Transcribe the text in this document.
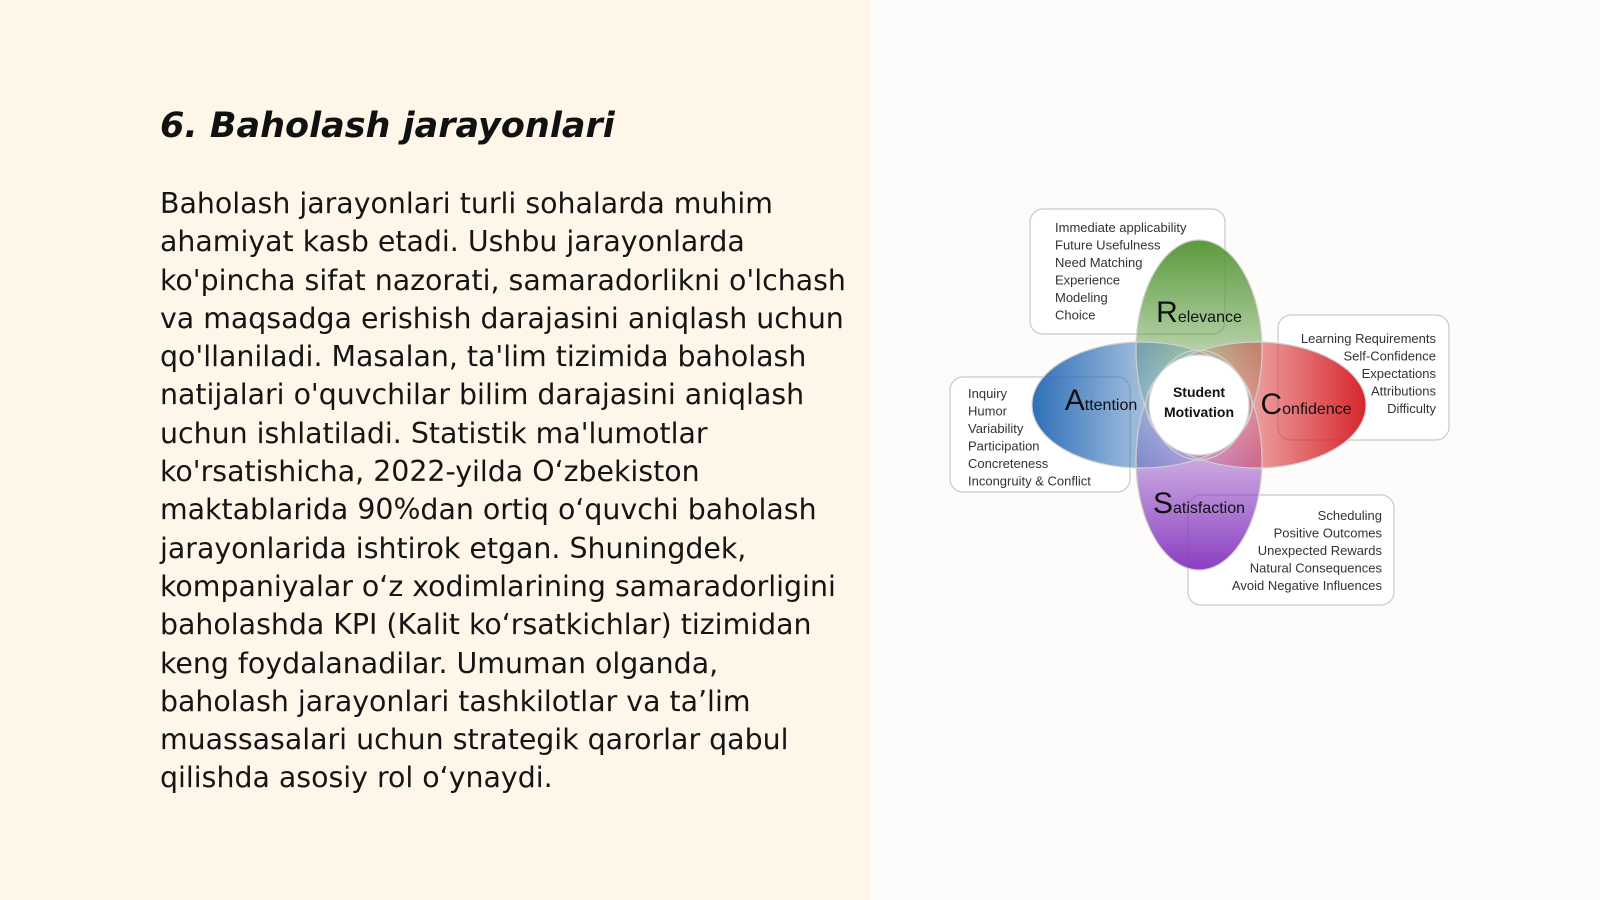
6. Baholash jarayonlari

Baholash jarayonlari turli sohalarda muhim ahamiyat kasb etadi. Ushbu jarayonlarda ko'pincha sifat nazorati, samaradorlikni o'lchash va maqsadga erishish darajasini aniqlash uchun qo'llaniladi. Masalan, ta'lim tizimida baholash natijalari o'quvchilar bilim darajasini aniqlash uchun ishlatiladi. Statistik ma'lumotlar ko'rsatishicha, 2022-yilda O‘zbekiston maktablarida 90%dan ortiq o‘quvchi baholash jarayonlarida ishtirok etgan. Shuningdek, kompaniyalar o‘z xodimlarining samaradorligini baholashda KPI (Kalit ko‘rsatkichlar) tizimidan keng foydalanadilar. Umuman olganda, baholash jarayonlari tashkilotlar va ta’lim muassasalari uchun strategik qarorlar qabul qilishda asosiy rol o‘ynaydi.

Student
Motivation
Relevance
Attention	Confidence
Satisfaction
Immediate applicability
Future Usefulness
Need Matching
Experience
Modeling
Choice
Learning Requirements
Self-Confidence
Expectations
Attributions
Difficulty
Inquiry
Humor
Variability
Participation
Concreteness
Incongruity & Conflict
Scheduling
Positive Outcomes
Unexpected Rewards
Natural Consequences
Avoid Negative Influences
